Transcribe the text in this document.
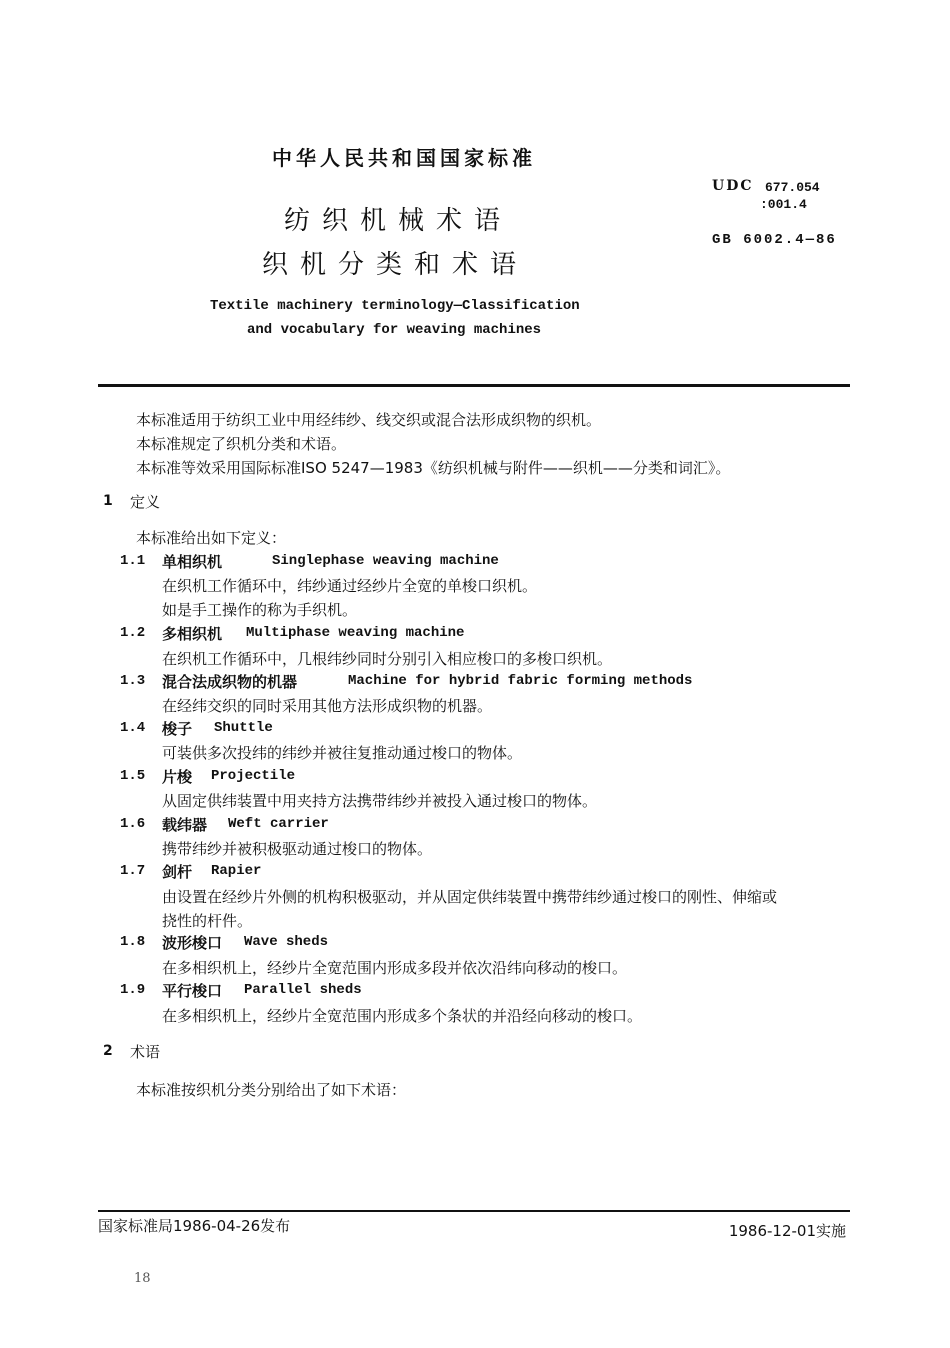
中华人民共和国国家标准
UDC 677.054
:001.4
GB 6002.4—86
纺织机械术语
织机分类和术语
Textile machinery terminology—Classification
and vocabulary for weaving machines
本标准适用于纺织工业中用经纬纱、线交织或混合法形成织物的织机。
本标准规定了织机分类和术语。
本标准等效采用国际标准ISO 5247—1983《纺织机械与附件——织机——分类和词汇》。
1 定义
本标准给出如下定义：
1.1 单相织机	Singlephase weaving machine
在织机工作循环中，纬纱通过经纱片全宽的单梭口织机。
如是手工操作的称为手织机。
1.2 多相织机 Multiphase weaving machine
在织机工作循环中，几根纬纱同时分别引入相应梭口的多梭口织机。
1.3 混合法成织物的机器	Machine for hybrid fabric forming methods
在经纬交织的同时采用其他方法形成织物的机器。
1.4 梭子 Shuttle
可装供多次投纬的纬纱并被往复推动通过梭口的物体。
1.5 片梭 Projectile
从固定供纬装置中用夹持方法携带纬纱并被投入通过梭口的物体。
1.6 载纬器 Weft carrier
携带纬纱并被积极驱动通过梭口的物体。
1.7 剑杆 Rapier
由设置在经纱片外侧的机构积极驱动，并从固定供纬装置中携带纬纱通过梭口的刚性、伸缩或
挠性的杆件。
1.8 波形梭口 Wave sheds
在多相织机上，经纱片全宽范围内形成多段并依次沿纬向移动的梭口。
1.9 平行梭口 Parallel sheds
在多相织机上，经纱片全宽范围内形成多个条状的并沿经向移动的梭口。
2 术语
本标准按织机分类分别给出了如下术语：
国家标准局1986-04-26发布	1986-12-01实施
18
